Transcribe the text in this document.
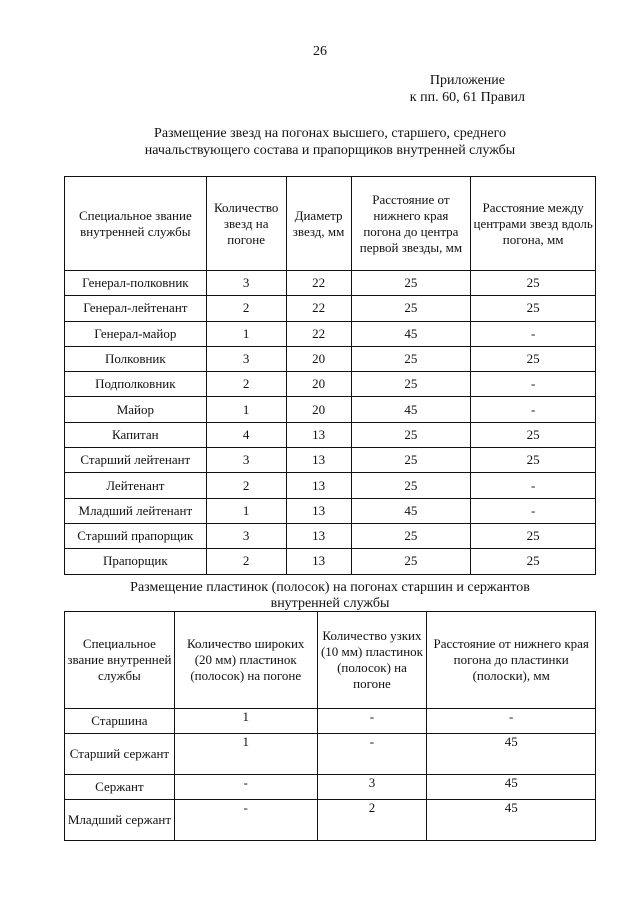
26
Приложение
к пп. 60, 61 Правил
Размещение звезд на погонах высшего, старшего, среднего начальствующего состава и прапорщиков внутренней службы
Специальное звание внутренней службы	Количество звезд на погоне	Диаметр звезд, мм	Расстояние от нижнего края погона до центра первой звезды, мм	Расстояние между центрами звезд вдоль погона, мм
Генерал-полковник	3	22	25	25
Генерал-лейтенант	2	22	25	25
Генерал-майор	1	22	45	-
Полковник	3	20	25	25
Подполковник	2	20	25	-
Майор	1	20	45	-
Капитан	4	13	25	25
Старший лейтенант	3	13	25	25
Лейтенант	2	13	25	-
Младший лейтенант	1	13	45	-
Старший прапорщик	3	13	25	25
Прапорщик	2	13	25	25
Размещение пластинок (полосок) на погонах старшин и сержантов внутренней службы
Специальное звание внутренней службы	Количество широких (20 мм) пластинок (полосок) на погоне	Количество узких (10 мм) пластинок (полосок) на погоне	Расстояние от нижнего края погона до пластинки (полоски), мм
Старшина	1	-	-
Старший сержант	1	-	45
Сержант	-	3	45
Младший сержант	-	2	45
